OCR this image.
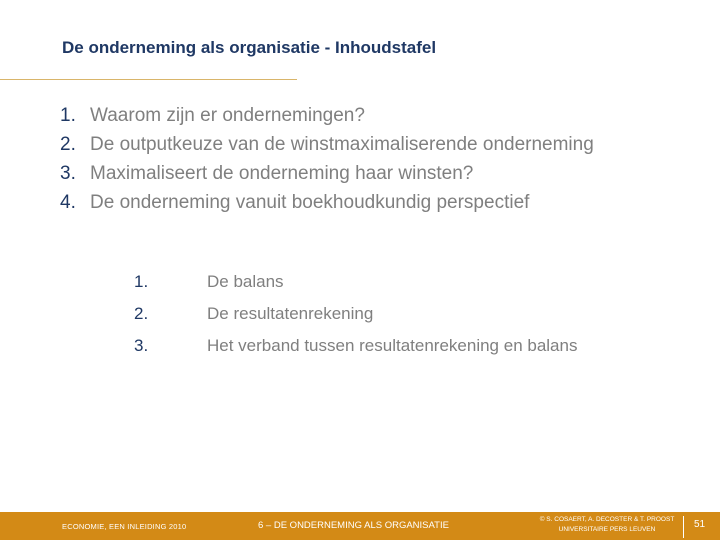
De onderneming als organisatie - Inhoudstafel
1. Waarom zijn er ondernemingen?
2. De outputkeuze van de winstmaximaliserende onderneming
3. Maximaliseert de onderneming haar winsten?
4. De onderneming vanuit boekhoudkundig perspectief
1.	De balans
2.	De resultatenrekening
3.	Het verband tussen resultatenrekening en balans
ECONOMIE, EEN INLEIDING 2010	6 – DE ONDERNEMING ALS ORGANISATIE
© S. COSAERT, A. DECOSTER & T. PROOST
UNIVERSITAIRE PERS LEUVEN	51
